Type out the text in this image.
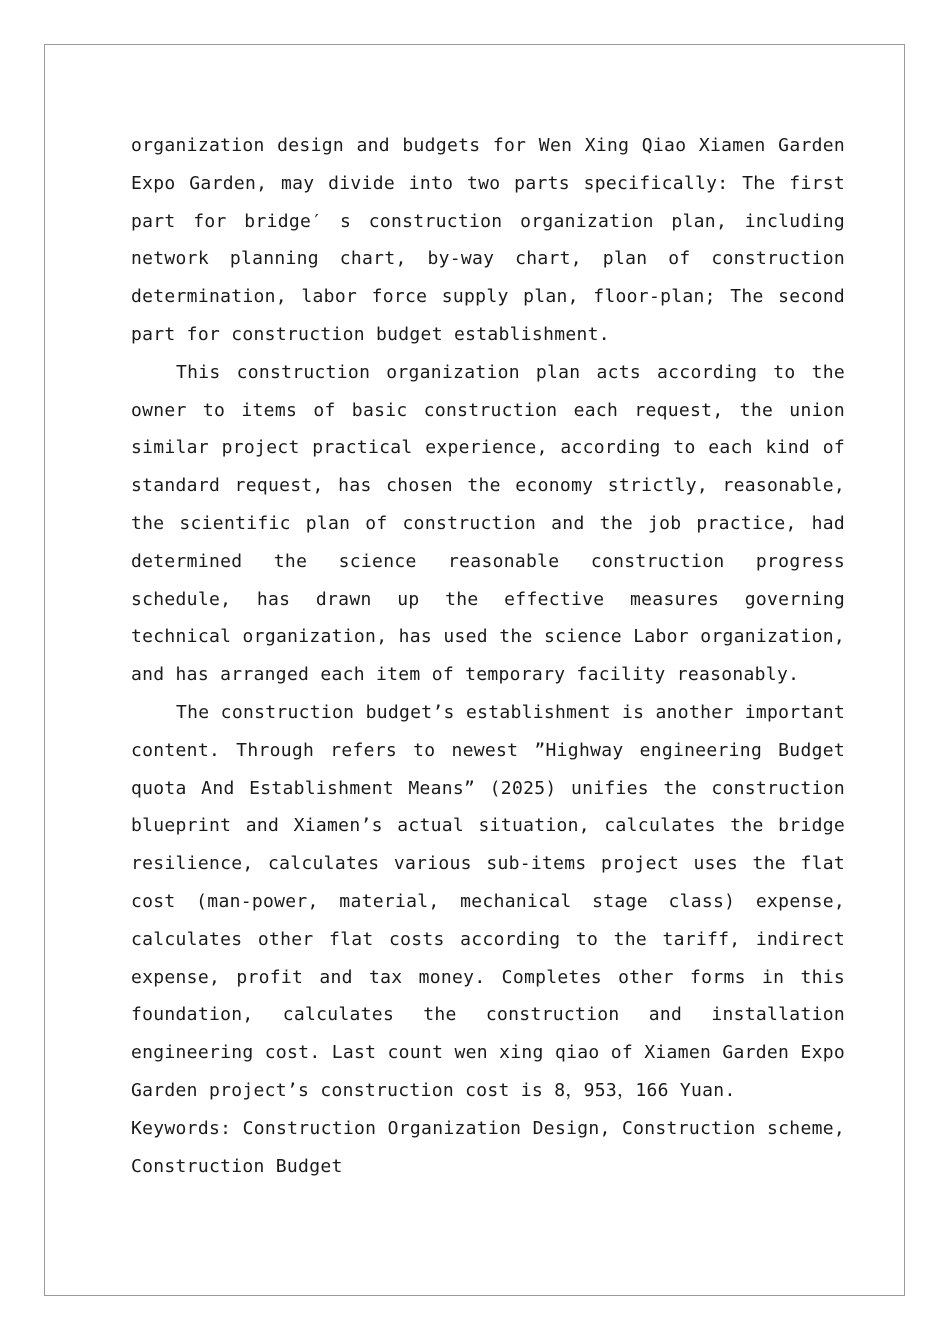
organization design and budgets for Wen Xing Qiao Xiamen Garden Expo Garden, may divide into two parts specifically: The first part for bridge′ s construction organization plan, including network planning chart, by-way chart, plan of construction determination, labor force supply plan, floor-plan; The second part for construction budget establishment.

This construction organization plan acts according to the owner to items of basic construction each request, the union similar project practical experience, according to each kind of standard request, has chosen the economy strictly, reasonable, the scientific plan of construction and the job practice, had determined the science reasonable construction progress schedule, has drawn up the effective measures governing technical organization, has used the science Labor organization, and has arranged each item of temporary facility reasonably.

The construction budget’s establishment is another important content. Through refers to newest ”Highway engineering Budget quota And Establishment Means” (2025) unifies the construction blueprint and Xiamen’s actual situation, calculates the bridge resilience, calculates various sub-items project uses the flat cost (man-power, material, mechanical stage class) expense, calculates other flat costs according to the tariff, indirect expense, profit and tax money. Completes other forms in this foundation, calculates the construction and installation engineering cost. Last count wen xing qiao of Xiamen Garden Expo Garden project’s construction cost is 8，953，166 Yuan.

Keywords: Construction Organization Design, Construction scheme, Construction Budget
